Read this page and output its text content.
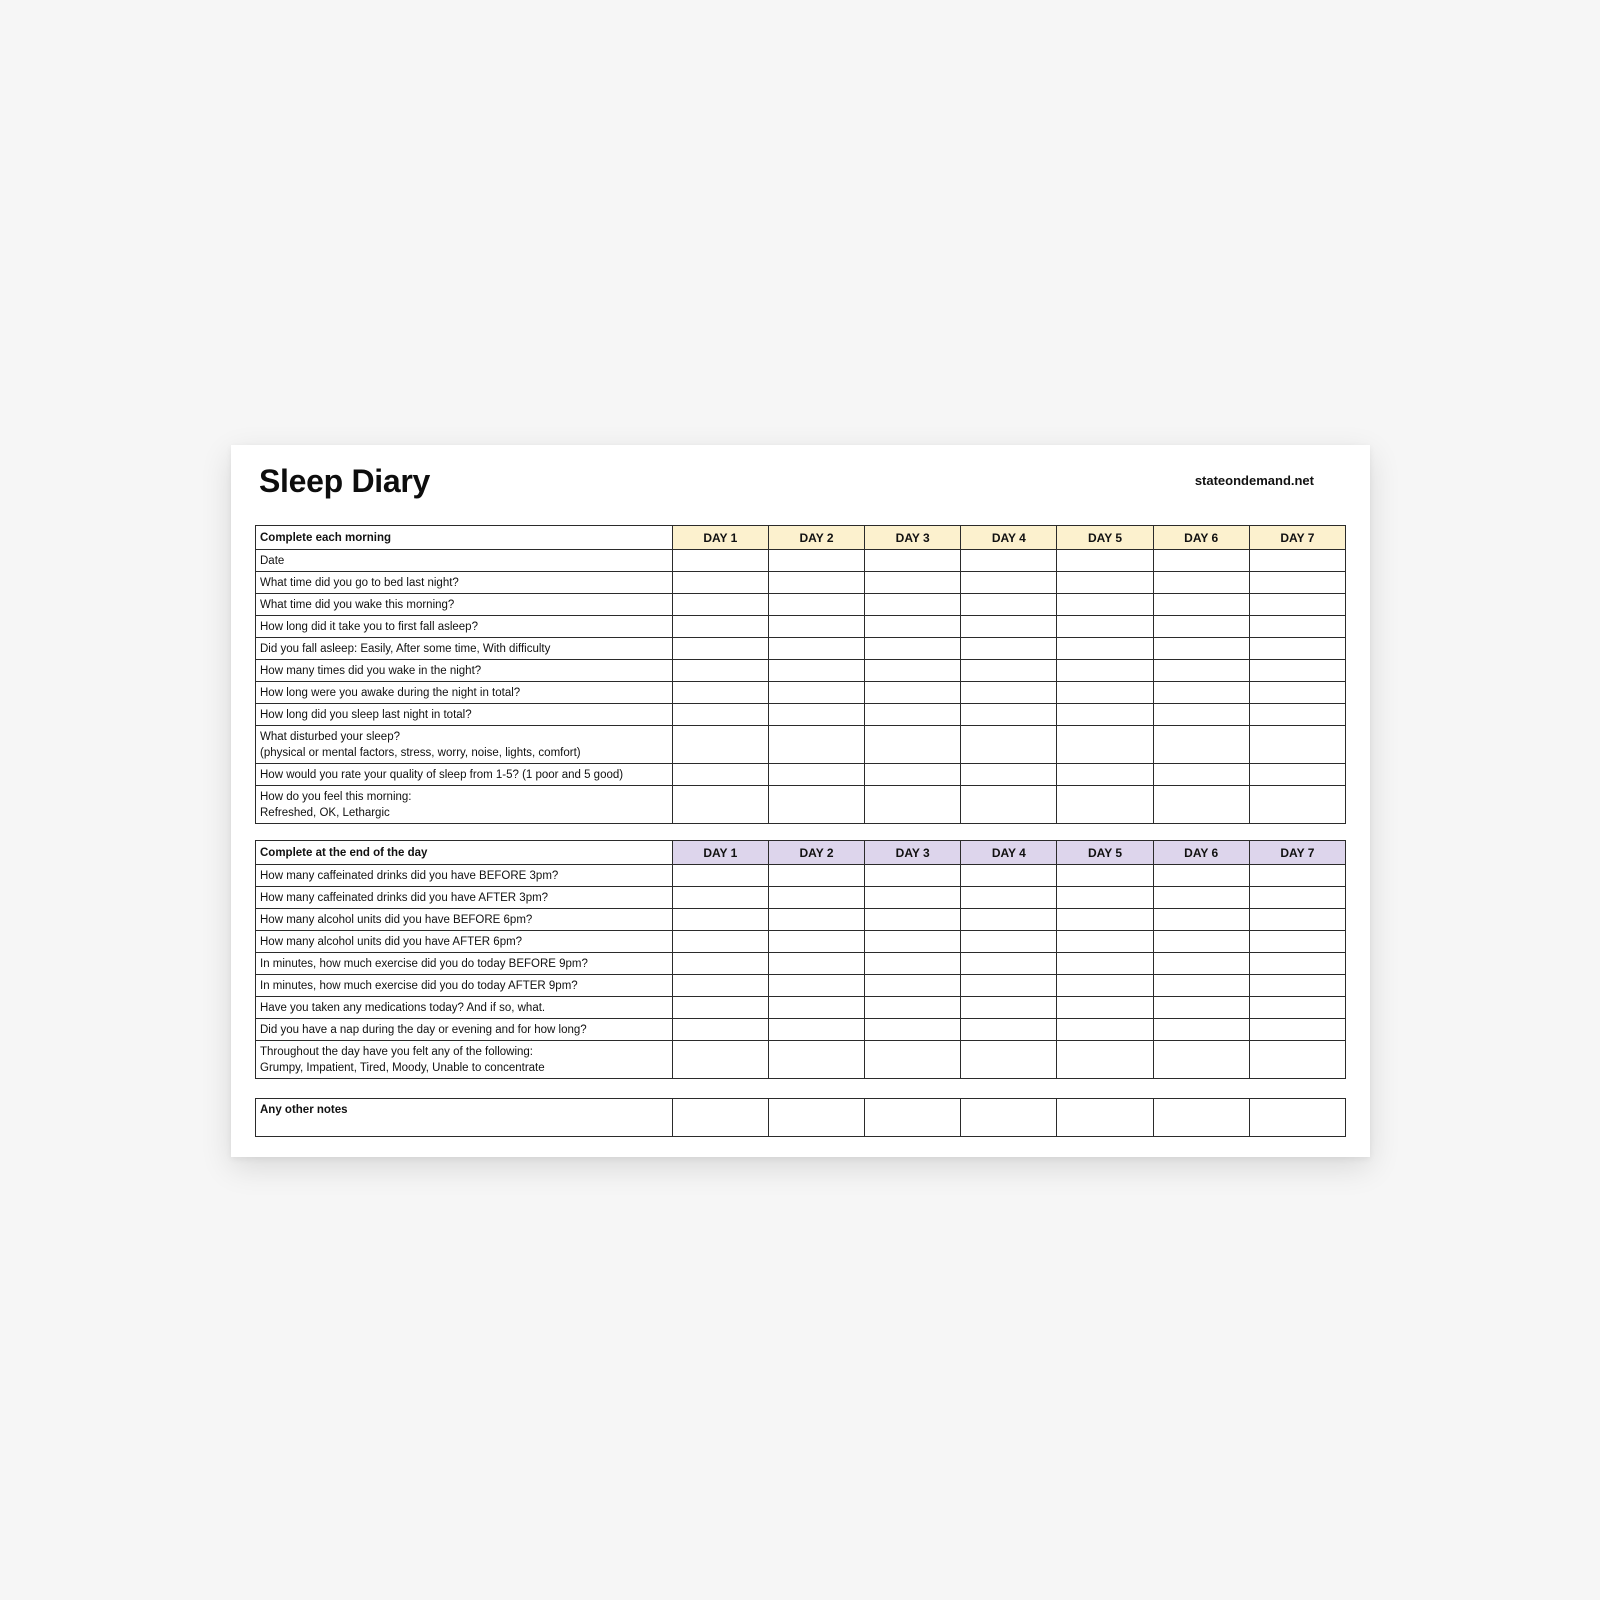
Sleep Diary	stateondemand.net
Complete each morning	DAY 1	DAY 2	DAY 3	DAY 4	DAY 5	DAY 6	DAY 7
Date							
What time did you go to bed last night?							
What time did you wake this morning?							
How long did it take you to first fall asleep?							
Did you fall asleep: Easily, After some time, With difficulty							
How many times did you wake in the night?							
How long were you awake during the night in total?							
How long did you sleep last night in total?							
What disturbed your sleep?
(physical or mental factors, stress, worry, noise, lights, comfort)							
How would you rate your quality of sleep from 1-5? (1 poor and 5 good)							
How do you feel this morning:
Refreshed, OK, Lethargic							
Complete at the end of the day	DAY 1	DAY 2	DAY 3	DAY 4	DAY 5	DAY 6	DAY 7
How many caffeinated drinks did you have BEFORE 3pm?							
How many caffeinated drinks did you have AFTER 3pm?							
How many alcohol units did you have BEFORE 6pm?							
How many alcohol units did you have AFTER 6pm?							
In minutes, how much exercise did you do today BEFORE 9pm?							
In minutes, how much exercise did you do today AFTER 9pm?							
Have you taken any medications today? And if so, what.							
Did you have a nap during the day or evening and for how long?							
Throughout the day have you felt any of the following:
Grumpy, Impatient, Tired, Moody, Unable to concentrate							
Any other notes							
